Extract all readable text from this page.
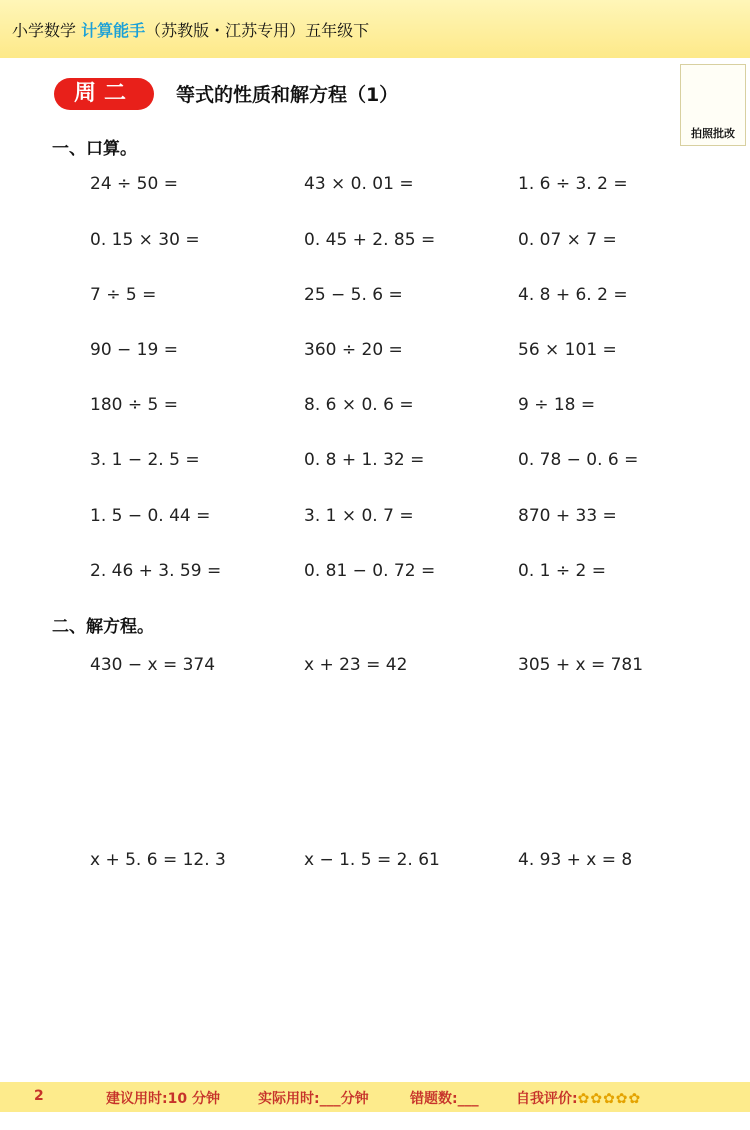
小学数学 计算能手（苏教版・江苏专用）五年级下
周二	等式的性质和解方程（1）
拍照批改
一、口算。
24 ÷ 50 =	43 × 0. 01 =	1. 6 ÷ 3. 2 =
0. 15 × 30 =	0. 45 + 2. 85 =	0. 07 × 7 =
7 ÷ 5 =	25 − 5. 6 =	4. 8 + 6. 2 =
90 − 19 =	360 ÷ 20 =	56 × 101 =
180 ÷ 5 =	8. 6 × 0. 6 =	9 ÷ 18 =
3. 1 − 2. 5 =	0. 8 + 1. 32 =	0. 78 − 0. 6 =
1. 5 − 0. 44 =	3. 1 × 0. 7 =	870 + 33 =
2. 46 + 3. 59 =	0. 81 − 0. 72 =	0. 1 ÷ 2 =
二、解方程。
430 − x = 374	x + 23 = 42	305 + x = 781
x + 5. 6 = 12. 3	x − 1. 5 = 2. 61	4. 93 + x = 8
2	建议用时:10 分钟	实际用时:___分钟	错题数:___	自我评价:✿✿✿✿✿
